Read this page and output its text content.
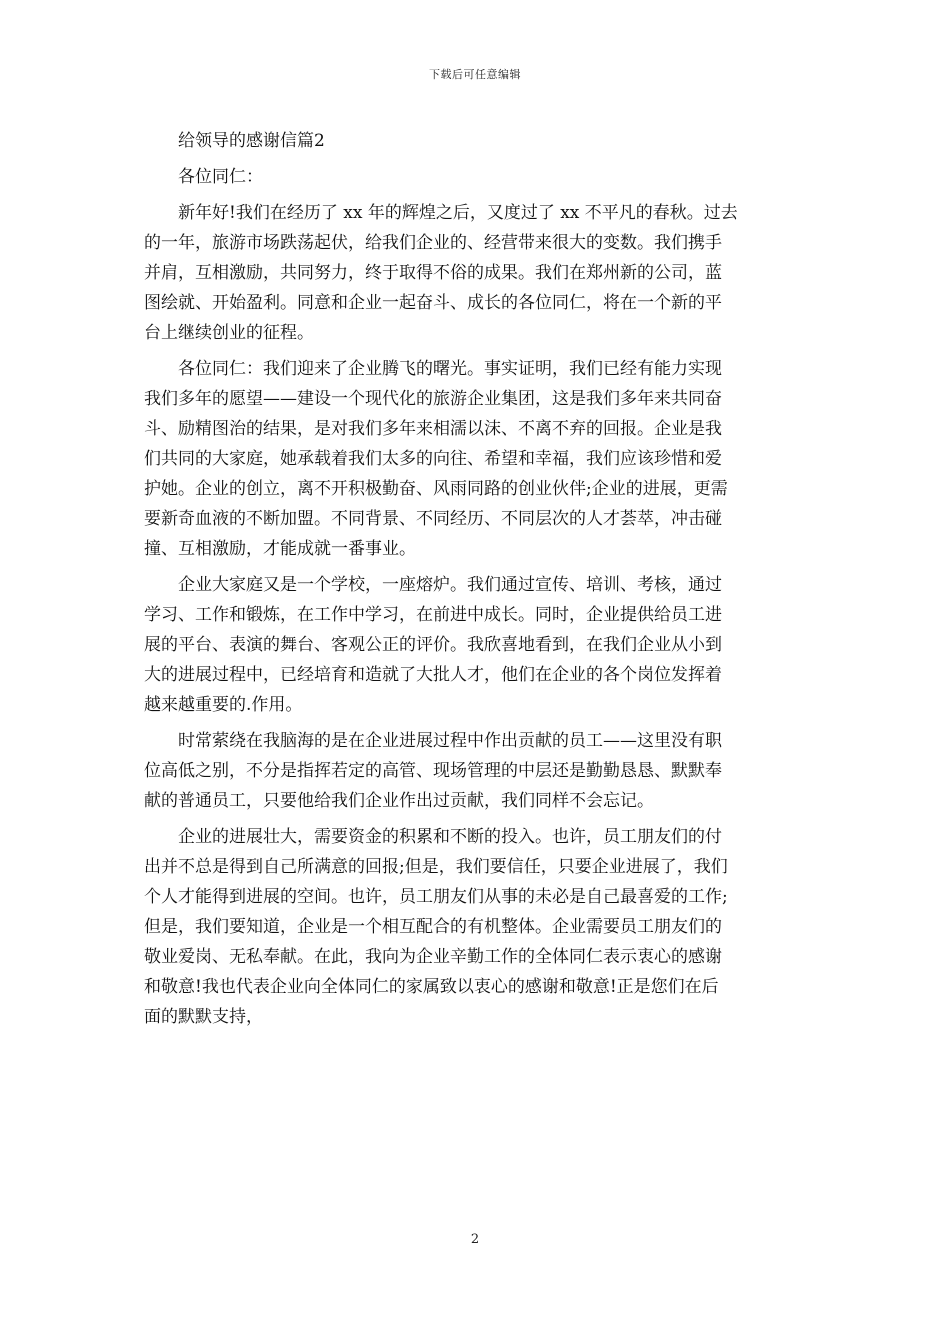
下载后可任意编辑
给领导的感谢信篇2
各位同仁：
新年好!我们在经历了 xx 年的辉煌之后，又度过了 xx 不平凡的春秋。过去
的一年，旅游市场跌荡起伏，给我们企业的、经营带来很大的变数。我们携手
并肩，互相激励，共同努力，终于取得不俗的成果。我们在郑州新的公司，蓝
图绘就、开始盈利。同意和企业一起奋斗、成长的各位同仁，将在一个新的平
台上继续创业的征程。
各位同仁：我们迎来了企业腾飞的曙光。事实证明，我们已经有能力实现
我们多年的愿望——建设一个现代化的旅游企业集团，这是我们多年来共同奋
斗、励精图治的结果，是对我们多年来相濡以沫、不离不弃的回报。企业是我
们共同的大家庭，她承载着我们太多的向往、希望和幸福，我们应该珍惜和爱
护她。企业的创立，离不开积极勤奋、风雨同路的创业伙伴;企业的进展，更需
要新奇血液的不断加盟。不同背景、不同经历、不同层次的人才荟萃，冲击碰
撞、互相激励，才能成就一番事业。
企业大家庭又是一个学校，一座熔炉。我们通过宣传、培训、考核，通过
学习、工作和锻炼，在工作中学习，在前进中成长。同时，企业提供给员工进
展的平台、表演的舞台、客观公正的评价。我欣喜地看到，在我们企业从小到
大的进展过程中，已经培育和造就了大批人才，他们在企业的各个岗位发挥着
越来越重要的.作用。
时常萦绕在我脑海的是在企业进展过程中作出贡献的员工——这里没有职
位高低之别，不分是指挥若定的高管、现场管理的中层还是勤勤恳恳、默默奉
献的普通员工，只要他给我们企业作出过贡献，我们同样不会忘记。
企业的进展壮大，需要资金的积累和不断的投入。也许，员工朋友们的付
出并不总是得到自己所满意的回报;但是，我们要信任，只要企业进展了，我们
个人才能得到进展的空间。也许，员工朋友们从事的未必是自己最喜爱的工作;
但是，我们要知道，企业是一个相互配合的有机整体。企业需要员工朋友们的
敬业爱岗、无私奉献。在此，我向为企业辛勤工作的全体同仁表示衷心的感谢
和敬意!我也代表企业向全体同仁的家属致以衷心的感谢和敬意!正是您们在后
面的默默支持，
2
